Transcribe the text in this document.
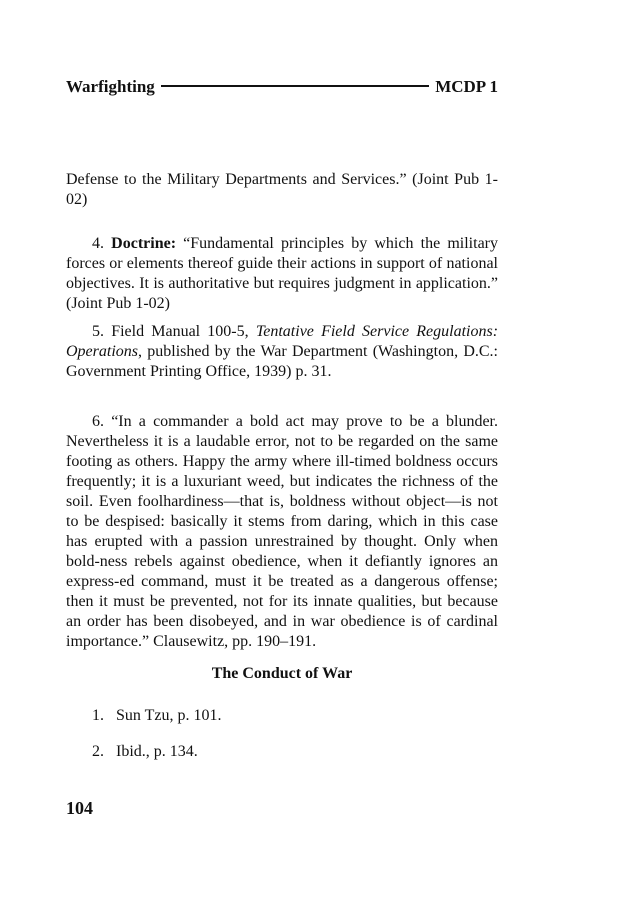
Warfighting	MCDP 1

Defense to the Military Departments and Services.” (Joint Pub 1-02)

4. Doctrine: “Fundamental principles by which the military forces or elements thereof guide their actions in support of national objectives. It is authoritative but requires judgment in application.” (Joint Pub 1-02)

5. Field Manual 100-5, Tentative Field Service Regulations: Operations, published by the War Department (Washington, D.C.: Government Printing Office, 1939) p. 31.

6. “In a commander a bold act may prove to be a blunder. Nevertheless it is a laudable error, not to be regarded on the same footing as others. Happy the army where ill-timed boldness occurs frequently; it is a luxuriant weed, but indicates the richness of the soil. Even foolhardiness—that is, boldness without object—is not to be despised: basically it stems from daring, which in this case has erupted with a passion unrestrained by thought. Only when bold-ness rebels against obedience, when it defiantly ignores an express-ed command, must it be treated as a dangerous offense; then it must be prevented, not for its innate qualities, but because an order has been disobeyed, and in war obedience is of cardinal importance.” Clausewitz, pp. 190–191.

The Conduct of War
1. Sun Tzu, p. 101.
2. Ibid., p. 134.
104
